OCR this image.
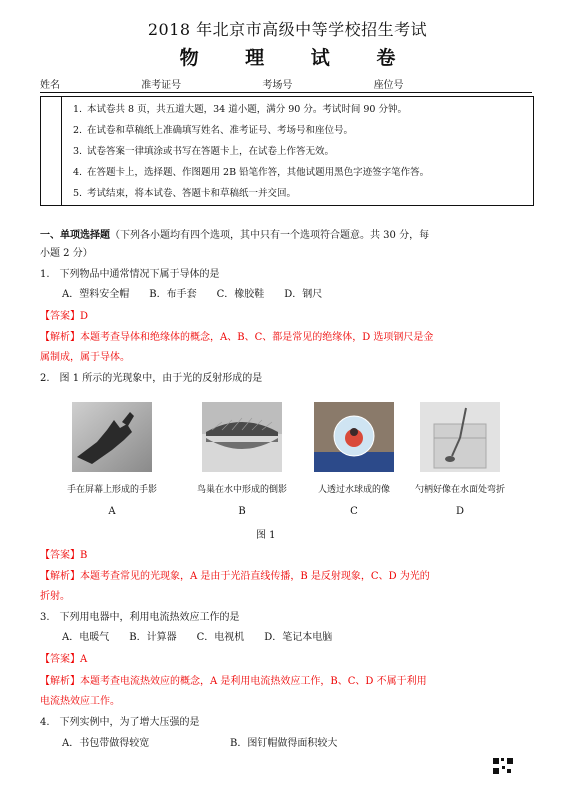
2018 年北京市高级中等学校招生考试
物 理 试 卷
姓名	准考证号	考场号	座位号
1. 本试卷共 8 页，共五道大题，34 道小题，满分 90 分。考试时间 90 分钟。
2. 在试卷和草稿纸上准确填写姓名、准考证号、考场号和座位号。
3. 试卷答案一律填涂或书写在答题卡上，在试卷上作答无效。
4. 在答题卡上，选择题、作图题用 2B 铅笔作答，其他试题用黑色字迹签字笔作答。
5. 考试结束，将本试卷、答题卡和草稿纸一并交回。
一、单项选择题（下列各小题均有四个选项，其中只有一个选项符合题意。共 30 分，每
小题 2 分）
1.　下列物品中通常情况下属于导体的是
A．塑料安全帽 B．布手套 C．橡胶鞋 D．钢尺
【答案】D
【解析】本题考查导体和绝缘体的概念，A、B、C、都是常见的绝缘体，D 选项钢尺是金
属制成，属于导体。
2.　图 1 所示的光现象中，由于光的反射形成的是
手在屏幕上形成的手影	鸟巢在水中形成的倒影	人透过水球成的像	勺柄好像在水面处弯折
A	B	C	D
图 1
【答案】B
【解析】本题考查常见的光现象，A 是由于光沿直线传播，B 是反射现象，C、D 为光的
折射。
3.　下列用电器中，利用电流热效应工作的是
A．电暖气 B．计算器 C．电视机 D．笔记本电脑
【答案】A
【解析】本题考查电流热效应的概念，A 是利用电流热效应工作，B、C、D 不属于利用
电流热效应工作。
4.　下列实例中，为了增大压强的是
A．书包带做得较宽	B．图钉帽做得面积较大
